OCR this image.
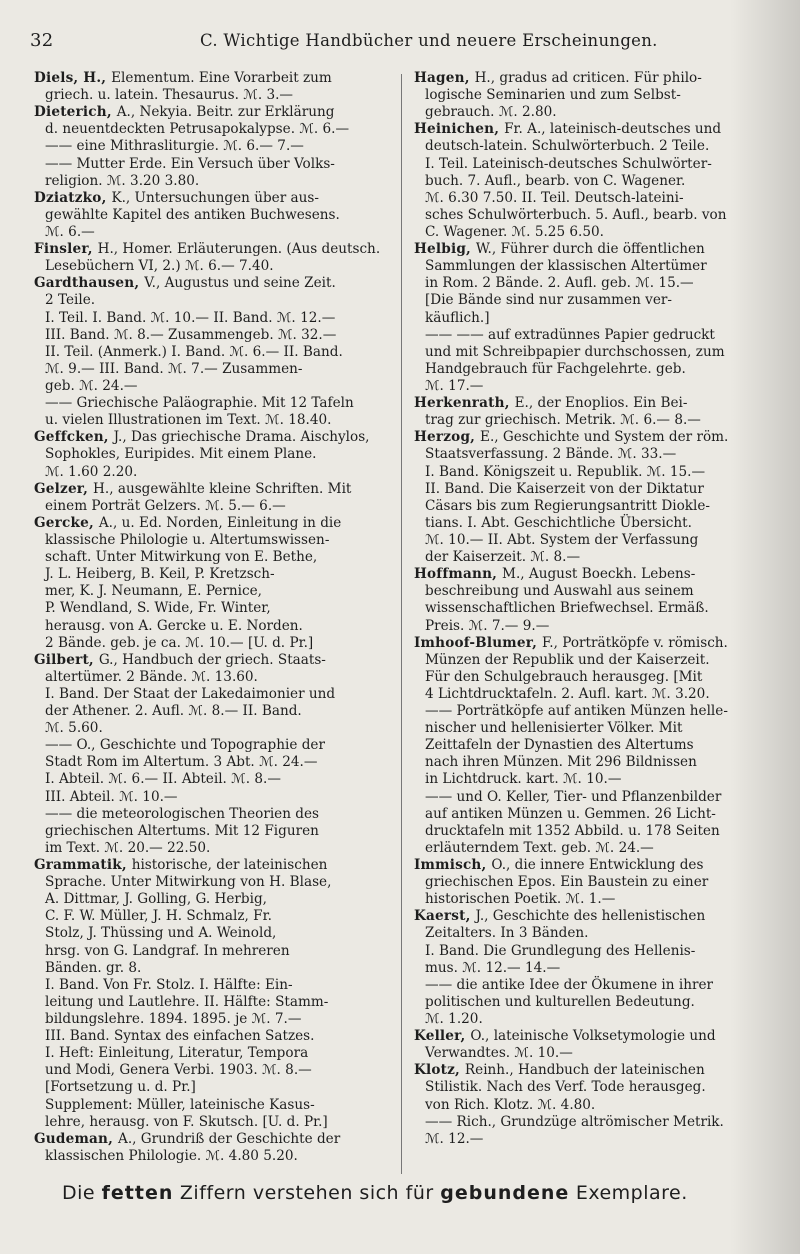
32	C. Wichtige Handbücher und neuere Erscheinungen.
Diels, H., Elementum. Eine Vorarbeit zum
griech. u. latein. Thesaurus. ℳ. 3.—
Dieterich, A., Nekyia. Beitr. zur Erklärung
d. neuentdeckten Petrusapokalypse. ℳ. 6.—
—— eine Mithrasliturgie. ℳ. 6.— 7.—
—— Mutter Erde. Ein Versuch über Volks-
religion. ℳ. 3.20 3.80.
Dziatzko, K., Untersuchungen über aus-
gewählte Kapitel des antiken Buchwesens.
ℳ. 6.—
Finsler, H., Homer. Erläuterungen. (Aus deutsch.
Lesebüchern VI, 2.) ℳ. 6.— 7.40.
Gardthausen, V., Augustus und seine Zeit.
2 Teile.
I. Teil. I. Band. ℳ. 10.— II. Band. ℳ. 12.—
III. Band. ℳ. 8.— Zusammengeb. ℳ. 32.—
II. Teil. (Anmerk.) I. Band. ℳ. 6.— II. Band.
ℳ. 9.— III. Band. ℳ. 7.— Zusammen-
geb. ℳ. 24.—
—— Griechische Paläographie. Mit 12 Tafeln
u. vielen Illustrationen im Text. ℳ. 18.40.
Geffcken, J., Das griechische Drama. Aischylos,
Sophokles, Euripides. Mit einem Plane.
ℳ. 1.60 2.20.
Gelzer, H., ausgewählte kleine Schriften. Mit
einem Porträt Gelzers. ℳ. 5.— 6.—
Gercke, A., u. Ed. Norden, Einleitung in die
klassische Philologie u. Altertumswissen-
schaft. Unter Mitwirkung von E. Bethe,
J. L. Heiberg, B. Keil, P. Kretzsch-
mer, K. J. Neumann, E. Pernice,
P. Wendland, S. Wide, Fr. Winter,
herausg. von A. Gercke u. E. Norden.
2 Bände. geb. je ca. ℳ. 10.— [U. d. Pr.]
Gilbert, G., Handbuch der griech. Staats-
altertümer. 2 Bände. ℳ. 13.60.
I. Band. Der Staat der Lakedaimonier und
der Athener. 2. Aufl. ℳ. 8.— II. Band.
ℳ. 5.60.
—— O., Geschichte und Topographie der
Stadt Rom im Altertum. 3 Abt. ℳ. 24.—
I. Abteil. ℳ. 6.— II. Abteil. ℳ. 8.—
III. Abteil. ℳ. 10.—
—— die meteorologischen Theorien des
griechischen Altertums. Mit 12 Figuren
im Text. ℳ. 20.— 22.50.
Grammatik, historische, der lateinischen
Sprache. Unter Mitwirkung von H. Blase,
A. Dittmar, J. Golling, G. Herbig,
C. F. W. Müller, J. H. Schmalz, Fr.
Stolz, J. Thüssing und A. Weinold,
hrsg. von G. Landgraf. In mehreren
Bänden. gr. 8.
I. Band. Von Fr. Stolz. I. Hälfte: Ein-
leitung und Lautlehre. II. Hälfte: Stamm-
bildungslehre. 1894. 1895. je ℳ. 7.—
III. Band. Syntax des einfachen Satzes.
I. Heft: Einleitung, Literatur, Tempora
und Modi, Genera Verbi. 1903. ℳ. 8.—
[Fortsetzung u. d. Pr.]
Supplement: Müller, lateinische Kasus-
lehre, herausg. von F. Skutsch. [U. d. Pr.]
Gudeman, A., Grundriß der Geschichte der
klassischen Philologie. ℳ. 4.80 5.20.
Hagen, H., gradus ad criticen. Für philo-
logische Seminarien und zum Selbst-
gebrauch. ℳ. 2.80.
Heinichen, Fr. A., lateinisch-deutsches und
deutsch-latein. Schulwörterbuch. 2 Teile.
I. Teil. Lateinisch-deutsches Schulwörter-
buch. 7. Aufl., bearb. von C. Wagener.
ℳ. 6.30 7.50. II. Teil. Deutsch-lateini-
sches Schulwörterbuch. 5. Aufl., bearb. von
C. Wagener. ℳ. 5.25 6.50.
Helbig, W., Führer durch die öffentlichen
Sammlungen der klassischen Altertümer
in Rom. 2 Bände. 2. Aufl. geb. ℳ. 15.—
[Die Bände sind nur zusammen ver-
käuflich.]
—— —— auf extradünnes Papier gedruckt
und mit Schreibpapier durchschossen, zum
Handgebrauch für Fachgelehrte. geb.
ℳ. 17.—
Herkenrath, E., der Enoplios. Ein Bei-
trag zur griechisch. Metrik. ℳ. 6.— 8.—
Herzog, E., Geschichte und System der röm.
Staatsverfassung. 2 Bände. ℳ. 33.—
I. Band. Königszeit u. Republik. ℳ. 15.—
II. Band. Die Kaiserzeit von der Diktatur
Cäsars bis zum Regierungsantritt Diokle-
tians. I. Abt. Geschichtliche Übersicht.
ℳ. 10.— II. Abt. System der Verfassung
der Kaiserzeit. ℳ. 8.—
Hoffmann, M., August Boeckh. Lebens-
beschreibung und Auswahl aus seinem
wissenschaftlichen Briefwechsel. Ermäß.
Preis. ℳ. 7.— 9.—
Imhoof-Blumer, F., Porträtköpfe v. römisch.
Münzen der Republik und der Kaiserzeit.
Für den Schulgebrauch herausgeg. [Mit
4 Lichtdrucktafeln. 2. Aufl. kart. ℳ. 3.20.
—— Porträtköpfe auf antiken Münzen helle-
nischer und hellenisierter Völker. Mit
Zeittafeln der Dynastien des Altertums
nach ihren Münzen. Mit 296 Bildnissen
in Lichtdruck. kart. ℳ. 10.—
—— und O. Keller, Tier- und Pflanzenbilder
auf antiken Münzen u. Gemmen. 26 Licht-
drucktafeln mit 1352 Abbild. u. 178 Seiten
erläuterndem Text. geb. ℳ. 24.—
Immisch, O., die innere Entwicklung des
griechischen Epos. Ein Baustein zu einer
historischen Poetik. ℳ. 1.—
Kaerst, J., Geschichte des hellenistischen
Zeitalters. In 3 Bänden.
I. Band. Die Grundlegung des Hellenis-
mus. ℳ. 12.— 14.—
—— die antike Idee der Ökumene in ihrer
politischen und kulturellen Bedeutung.
ℳ. 1.20.
Keller, O., lateinische Volksetymologie und
Verwandtes. ℳ. 10.—
Klotz, Reinh., Handbuch der lateinischen
Stilistik. Nach des Verf. Tode herausgeg.
von Rich. Klotz. ℳ. 4.80.
—— Rich., Grundzüge altrömischer Metrik.
ℳ. 12.—
Die fetten Ziffern verstehen sich für gebundene Exemplare.
